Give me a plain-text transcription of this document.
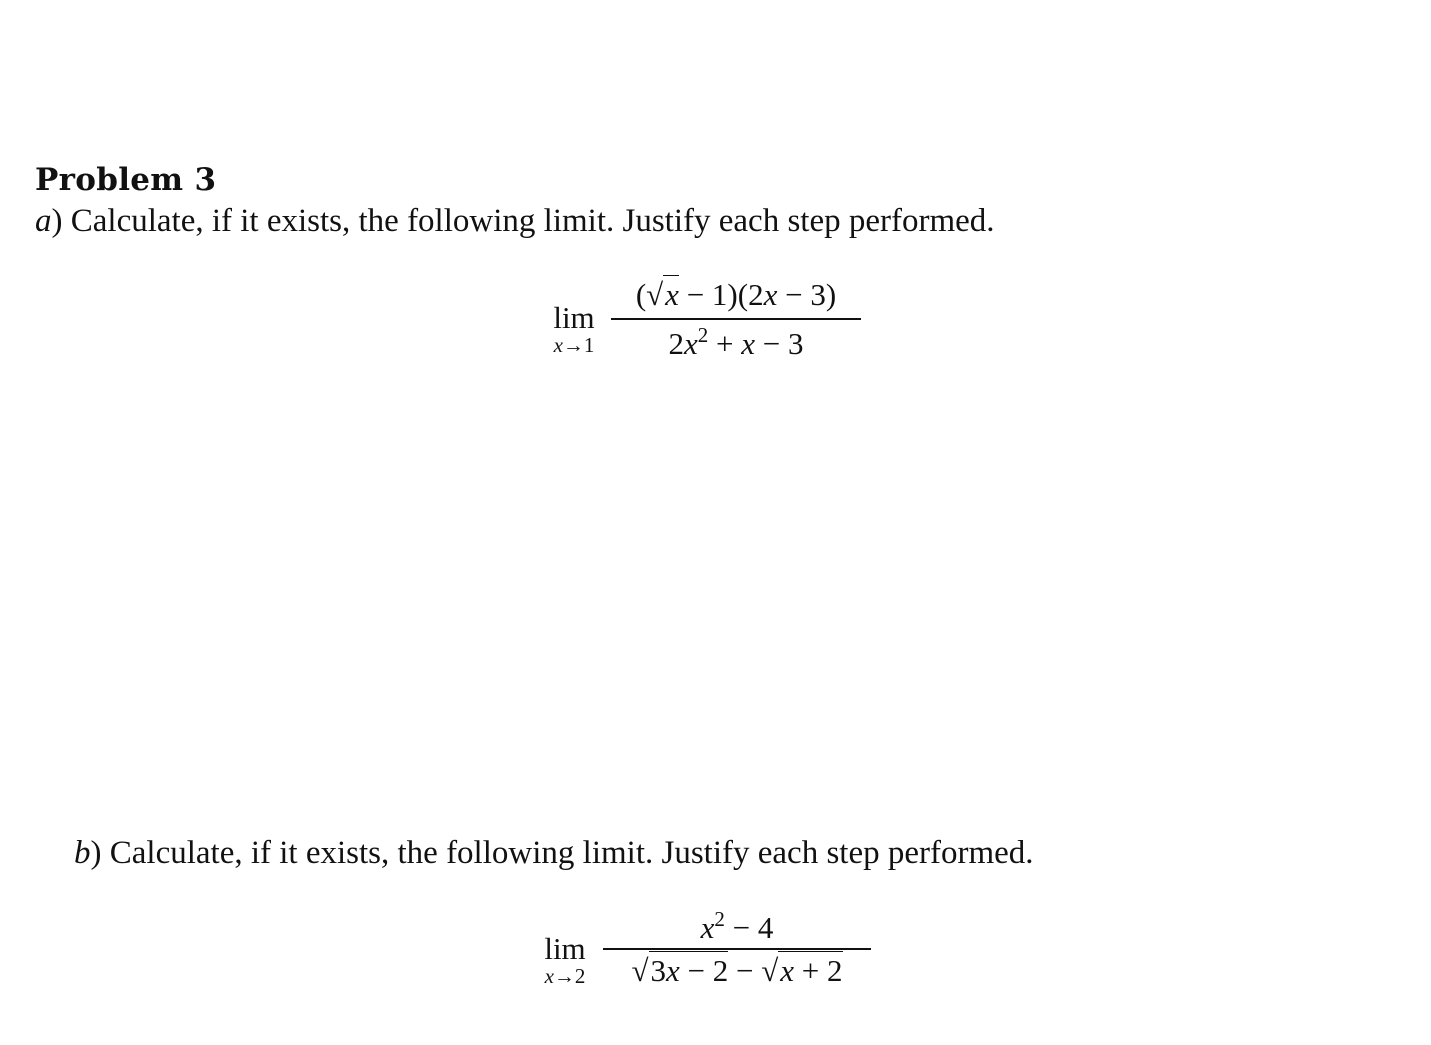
Problem 3
a) Calculate, if it exists, the following limit. Justify each step performed.
lim
x→1
(√x − 1)(2x − 3)
$2x^2 + x - 3$
b) Calculate, if it exists, the following limit. Justify each step performed.
lim
x→2
$x^2 - 4$
√3x − 2 − √x + 2
